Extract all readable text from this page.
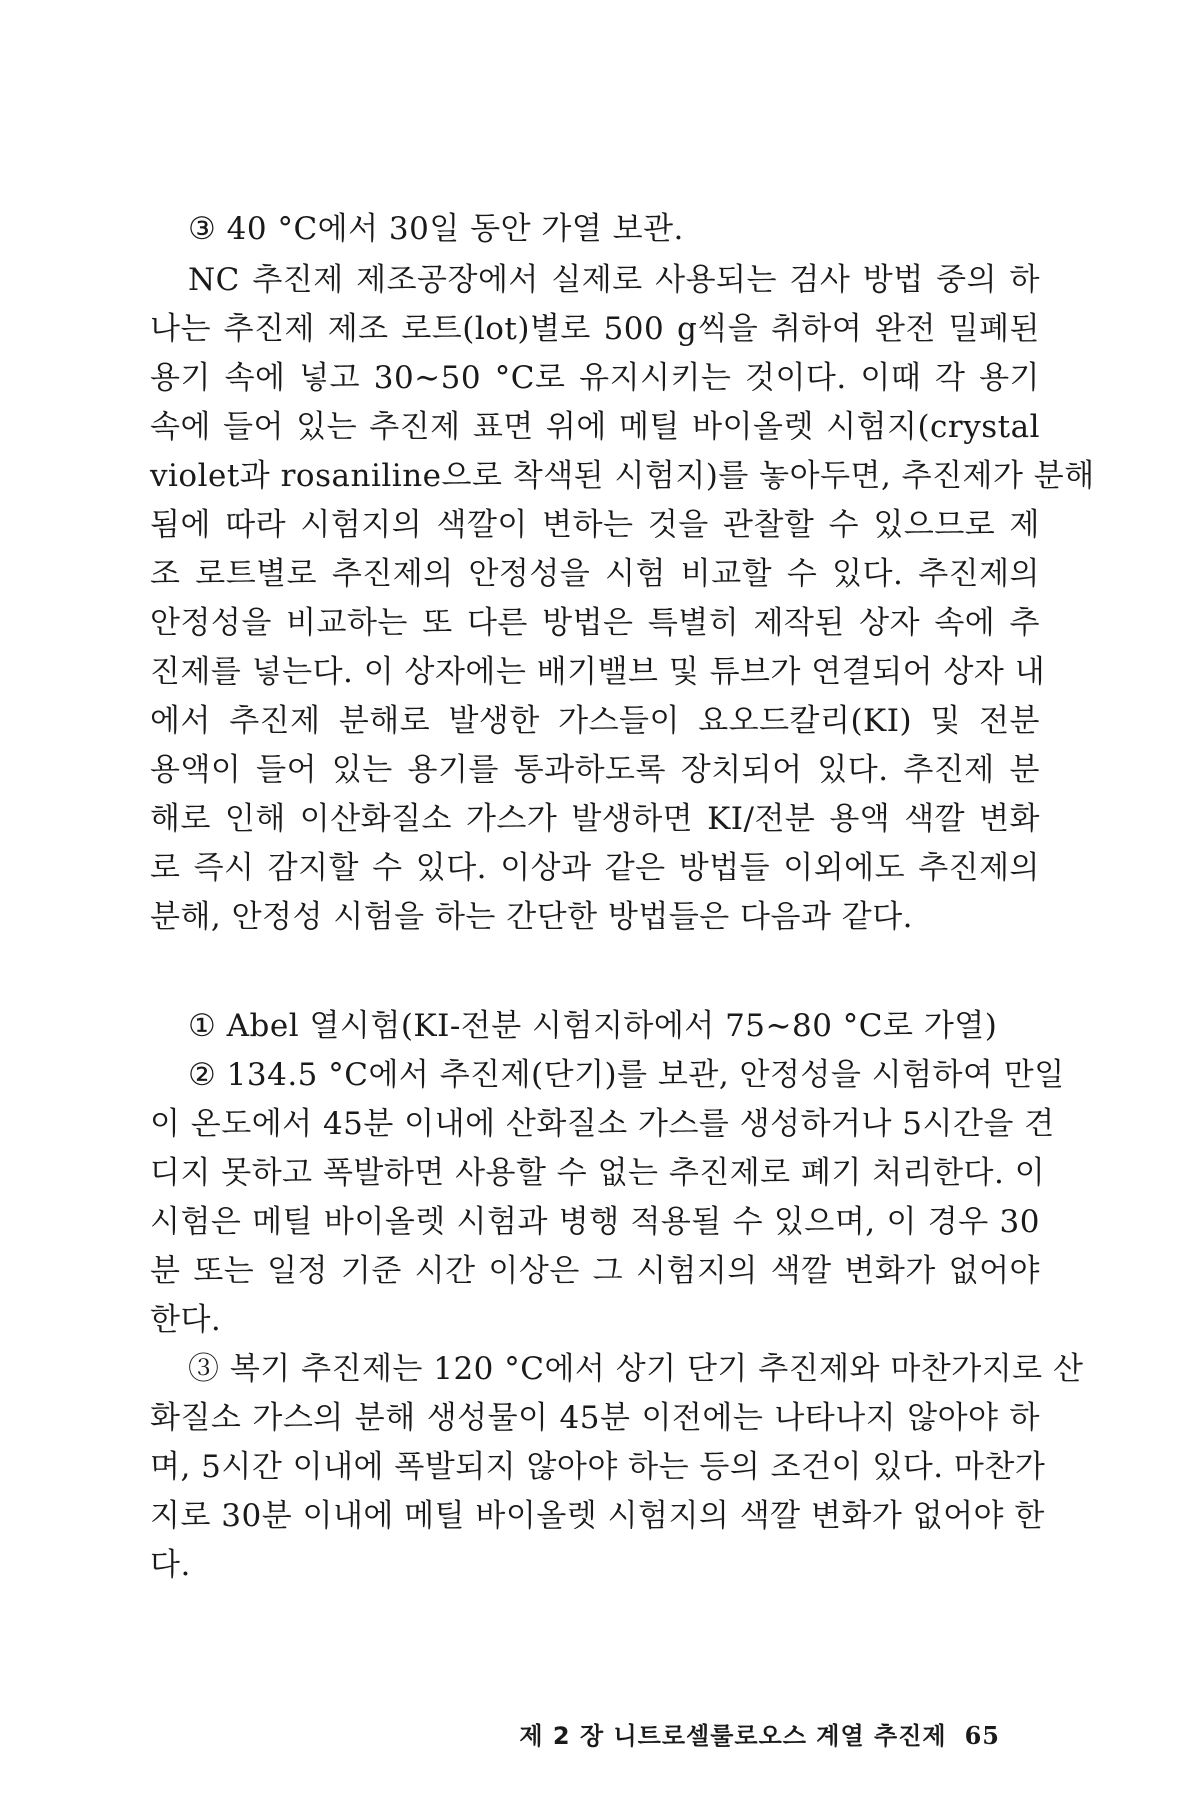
③ 40 °C에서 30일 동안 가열 보관.
NC 추진제 제조공장에서 실제로 사용되는 검사 방법 중의 하
나는 추진제 제조 로트(lot)별로 500 g씩을 취하여 완전 밀폐된
용기 속에 넣고 30∼50 °C로 유지시키는 것이다. 이때 각 용기
속에 들어 있는 추진제 표면 위에 메틸 바이올렛 시험지(crystal
violet과 rosaniline으로 착색된 시험지)를 놓아두면, 추진제가 분해
됨에 따라 시험지의 색깔이 변하는 것을 관찰할 수 있으므로 제
조 로트별로 추진제의 안정성을 시험 비교할 수 있다. 추진제의
안정성을 비교하는 또 다른 방법은 특별히 제작된 상자 속에 추
진제를 넣는다. 이 상자에는 배기밸브 및 튜브가 연결되어 상자 내
에서 추진제 분해로 발생한 가스들이 요오드칼리(KI) 및 전분
용액이 들어 있는 용기를 통과하도록 장치되어 있다. 추진제 분
해로 인해 이산화질소 가스가 발생하면 KI/전분 용액 색깔 변화
로 즉시 감지할 수 있다. 이상과 같은 방법들 이외에도 추진제의
분해, 안정성 시험을 하는 간단한 방법들은 다음과 같다.
① Abel 열시험(KI-전분 시험지하에서 75∼80 °C로 가열)
② 134.5 °C에서 추진제(단기)를 보관, 안정성을 시험하여 만일
이 온도에서 45분 이내에 산화질소 가스를 생성하거나 5시간을 견
디지 못하고 폭발하면 사용할 수 없는 추진제로 폐기 처리한다. 이
시험은 메틸 바이올렛 시험과 병행 적용될 수 있으며, 이 경우 30
분 또는 일정 기준 시간 이상은 그 시험지의 색깔 변화가 없어야
한다.
③ 복기 추진제는 120 °C에서 상기 단기 추진제와 마찬가지로 산
화질소 가스의 분해 생성물이 45분 이전에는 나타나지 않아야 하
며, 5시간 이내에 폭발되지 않아야 하는 등의 조건이 있다. 마찬가
지로 30분 이내에 메틸 바이올렛 시험지의 색깔 변화가 없어야 한
다.
제 2 장 니트로셀룰로오스 계열 추진제 65
